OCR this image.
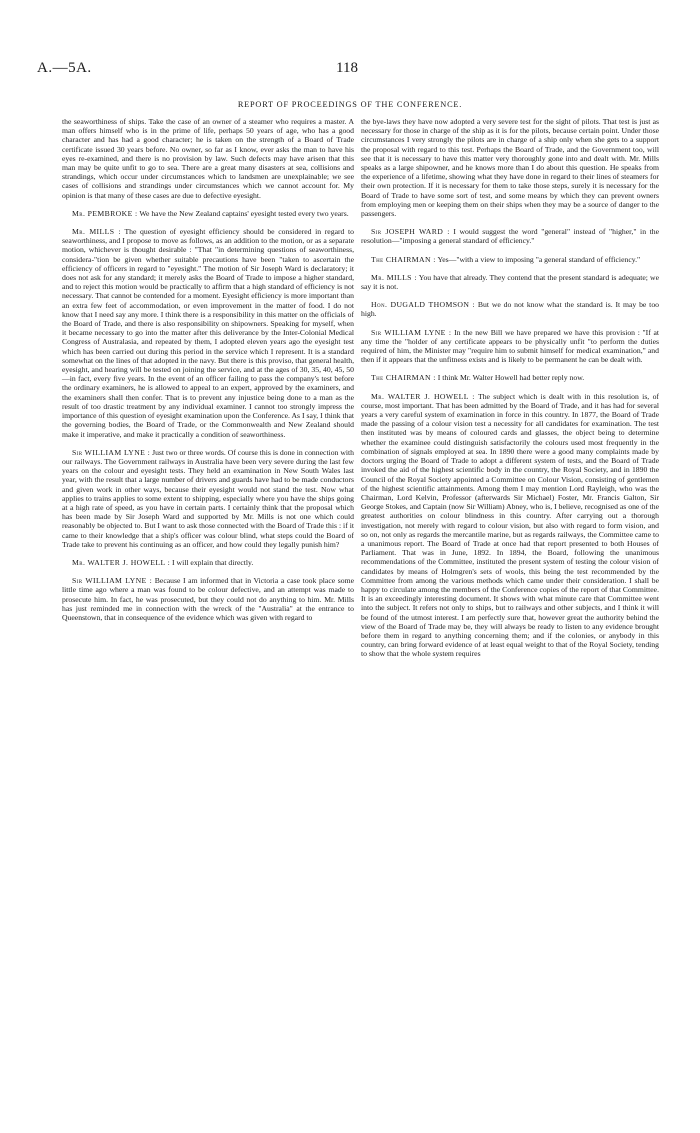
A.—5A.	118
REPORT OF PROCEEDINGS OF THE CONFERENCE.

the seaworthiness of ships. Take the case of an owner of a steamer who requires a master. A man offers himself who is in the prime of life, perhaps 50 years of age, who has a good character and has had a good character; he is taken on the strength of a Board of Trade certificate issued 30 years before. No owner, so far as I know, ever asks the man to have his eyes re-examined, and there is no provision by law. Such defects may have arisen that this man may be quite unfit to go to sea. There are a great many disasters at sea, collisions and strandings, which occur under circumstances which to landsmen are unexplainable; we see cases of collisions and strandings under circumstances which we cannot account for. My opinion is that many of these cases are due to defective eyesight.

Mr. PEMBROKE : We have the New Zealand captains' eyesight tested every two years.

Mr. MILLS : The question of eyesight efficiency should be considered in regard to seaworthiness, and I propose to move as follows, as an addition to the motion, or as a separate motion, whichever is thought desirable : "That "in determining questions of seaworthiness, considera-"tion be given whether suitable precautions have been "taken to ascertain the efficiency of officers in regard to "eyesight." The motion of Sir Joseph Ward is declaratory; it does not ask for any standard; it merely asks the Board of Trade to impose a higher standard, and to reject this motion would be practically to affirm that a high standard of efficiency is not necessary. That cannot be contended for a moment. Eyesight efficiency is more important than an extra few feet of accommodation, or even improvement in the matter of food. I do not know that I need say any more. I think there is a responsibility in this matter on the officials of the Board of Trade, and there is also responsibility on shipowners. Speaking for myself, when it became necessary to go into the matter after this deliverance by the Inter-Colonial Medical Congress of Australasia, and repeated by them, I adopted eleven years ago the eyesight test which has been carried out during this period in the service which I represent. It is a standard somewhat on the lines of that adopted in the navy. But there is this proviso, that general health, eyesight, and hearing will be tested on joining the service, and at the ages of 30, 35, 40, 45, 50—in fact, every five years. In the event of an officer failing to pass the company's test before the ordinary examiners, he is allowed to appeal to an expert, approved by the examiners, and the examiners shall then confer. That is to prevent any injustice being done to a man as the result of too drastic treatment by any individual examiner. I cannot too strongly impress the importance of this question of eyesight examination upon the Conference. As I say, I think that the governing bodies, the Board of Trade, or the Commonwealth and New Zealand should make it imperative, and make it practically a condition of seaworthiness.

Sir WILLIAM LYNE : Just two or three words. Of course this is done in connection with our railways. The Government railways in Australia have been very severe during the last few years on the colour and eyesight tests. They held an examination in New South Wales last year, with the result that a large number of drivers and guards have had to be made conductors and given work in other ways, because their eyesight would not stand the test. Now what applies to trains applies to some extent to shipping, especially where you have the ships going at a high rate of speed, as you have in certain parts. I certainly think that the proposal which has been made by Sir Joseph Ward and supported by Mr. Mills is not one which could reasonably be objected to. But I want to ask those connected with the Board of Trade this : if it came to their knowledge that a ship's officer was colour blind, what steps could the Board of Trade take to prevent his continuing as an officer, and how could they legally punish him?

Mr. WALTER J. HOWELL : I will explain that directly.

Sir WILLIAM LYNE : Because I am informed that in Victoria a case took place some little time ago where a man was found to be colour defective, and an attempt was made to prosecute him. In fact, he was prosecuted, but they could not do anything to him. Mr. Mills has just reminded me in connection with the wreck of the "Australia" at the entrance to Queenstown, that in consequence of the evidence which was given with regard to

the bye-laws they have now adopted a very severe test for the sight of pilots. That test is just as necessary for those in charge of the ship as it is for the pilots, because certain point. Under those circumstances I very strongly the pilots are in charge of a ship only when she gets to a support the proposal with regard to this test. Perhaps the Board of Trade, and the Government too, will see that it is necessary to have this matter very thoroughly gone into and dealt with. Mr. Mills speaks as a large shipowner, and he knows more than I do about this question. He speaks from the experience of a lifetime, showing what they have done in regard to their lines of steamers for their own protection. If it is necessary for them to take those steps, surely it is necessary for the Board of Trade to have some sort of test, and some means by which they can prevent owners from employing men or keeping them on their ships when they may be a source of danger to the passengers.

Sir JOSEPH WARD : I would suggest the word "general" instead of "higher," in the resolution—"imposing a general standard of efficiency."

The CHAIRMAN : Yes—"with a view to imposing "a general standard of efficiency."

Mr. MILLS : You have that already. They contend that the present standard is adequate; we say it is not.

Hon. DUGALD THOMSON : But we do not know what the standard is. It may be too high.

Sir WILLIAM LYNE : In the new Bill we have prepared we have this provision : "If at any time the "holder of any certificate appears to be physically unfit "to perform the duties required of him, the Minister may "require him to submit himself for medical examination," and then if it appears that the unfitness exists and is likely to be permanent he can be dealt with.

The CHAIRMAN : I think Mr. Walter Howell had better reply now.

Mr. WALTER J. HOWELL : The subject which is dealt with in this resolution is, of course, most important. That has been admitted by the Board of Trade, and it has had for several years a very careful system of examination in force in this country. In 1877, the Board of Trade made the passing of a colour vision test a necessity for all candidates for examination. The test then instituted was by means of coloured cards and glasses, the object being to determine whether the examinee could distinguish satisfactorily the colours used most frequently in the combination of signals employed at sea. In 1890 there were a good many complaints made by doctors urging the Board of Trade to adopt a different system of tests, and the Board of Trade invoked the aid of the highest scientific body in the country, the Royal Society, and in 1890 the Council of the Royal Society appointed a Committee on Colour Vision, consisting of gentlemen of the highest scientific attainments. Among them I may mention Lord Rayleigh, who was the Chairman, Lord Kelvin, Professor (afterwards Sir Michael) Foster, Mr. Francis Galton, Sir George Stokes, and Captain (now Sir William) Abney, who is, I believe, recognised as one of the greatest authorities on colour blindness in this country. After carrying out a thorough investigation, not merely with regard to colour vision, but also with regard to form vision, and so on, not only as regards the mercantile marine, but as regards railways, the Committee came to a unanimous report. The Board of Trade at once had that report presented to both Houses of Parliament. That was in June, 1892. In 1894, the Board, following the unanimous recommendations of the Committee, instituted the present system of testing the colour vision of candidates by means of Holmgren's sets of wools, this being the test recommended by the Committee from among the various methods which came under their consideration. I shall be happy to circulate among the members of the Conference copies of the report of that Committee. It is an exceedingly interesting document. It shows with what minute care that Committee went into the subject. It refers not only to ships, but to railways and other subjects, and I think it will be found of the utmost interest. I am perfectly sure that, however great the authority behind the view of the Board of Trade may be, they will always be ready to listen to any evidence brought before them in regard to anything concerning them; and if the colonies, or anybody in this country, can bring forward evidence of at least equal weight to that of the Royal Society, tending to show that the whole system requires
